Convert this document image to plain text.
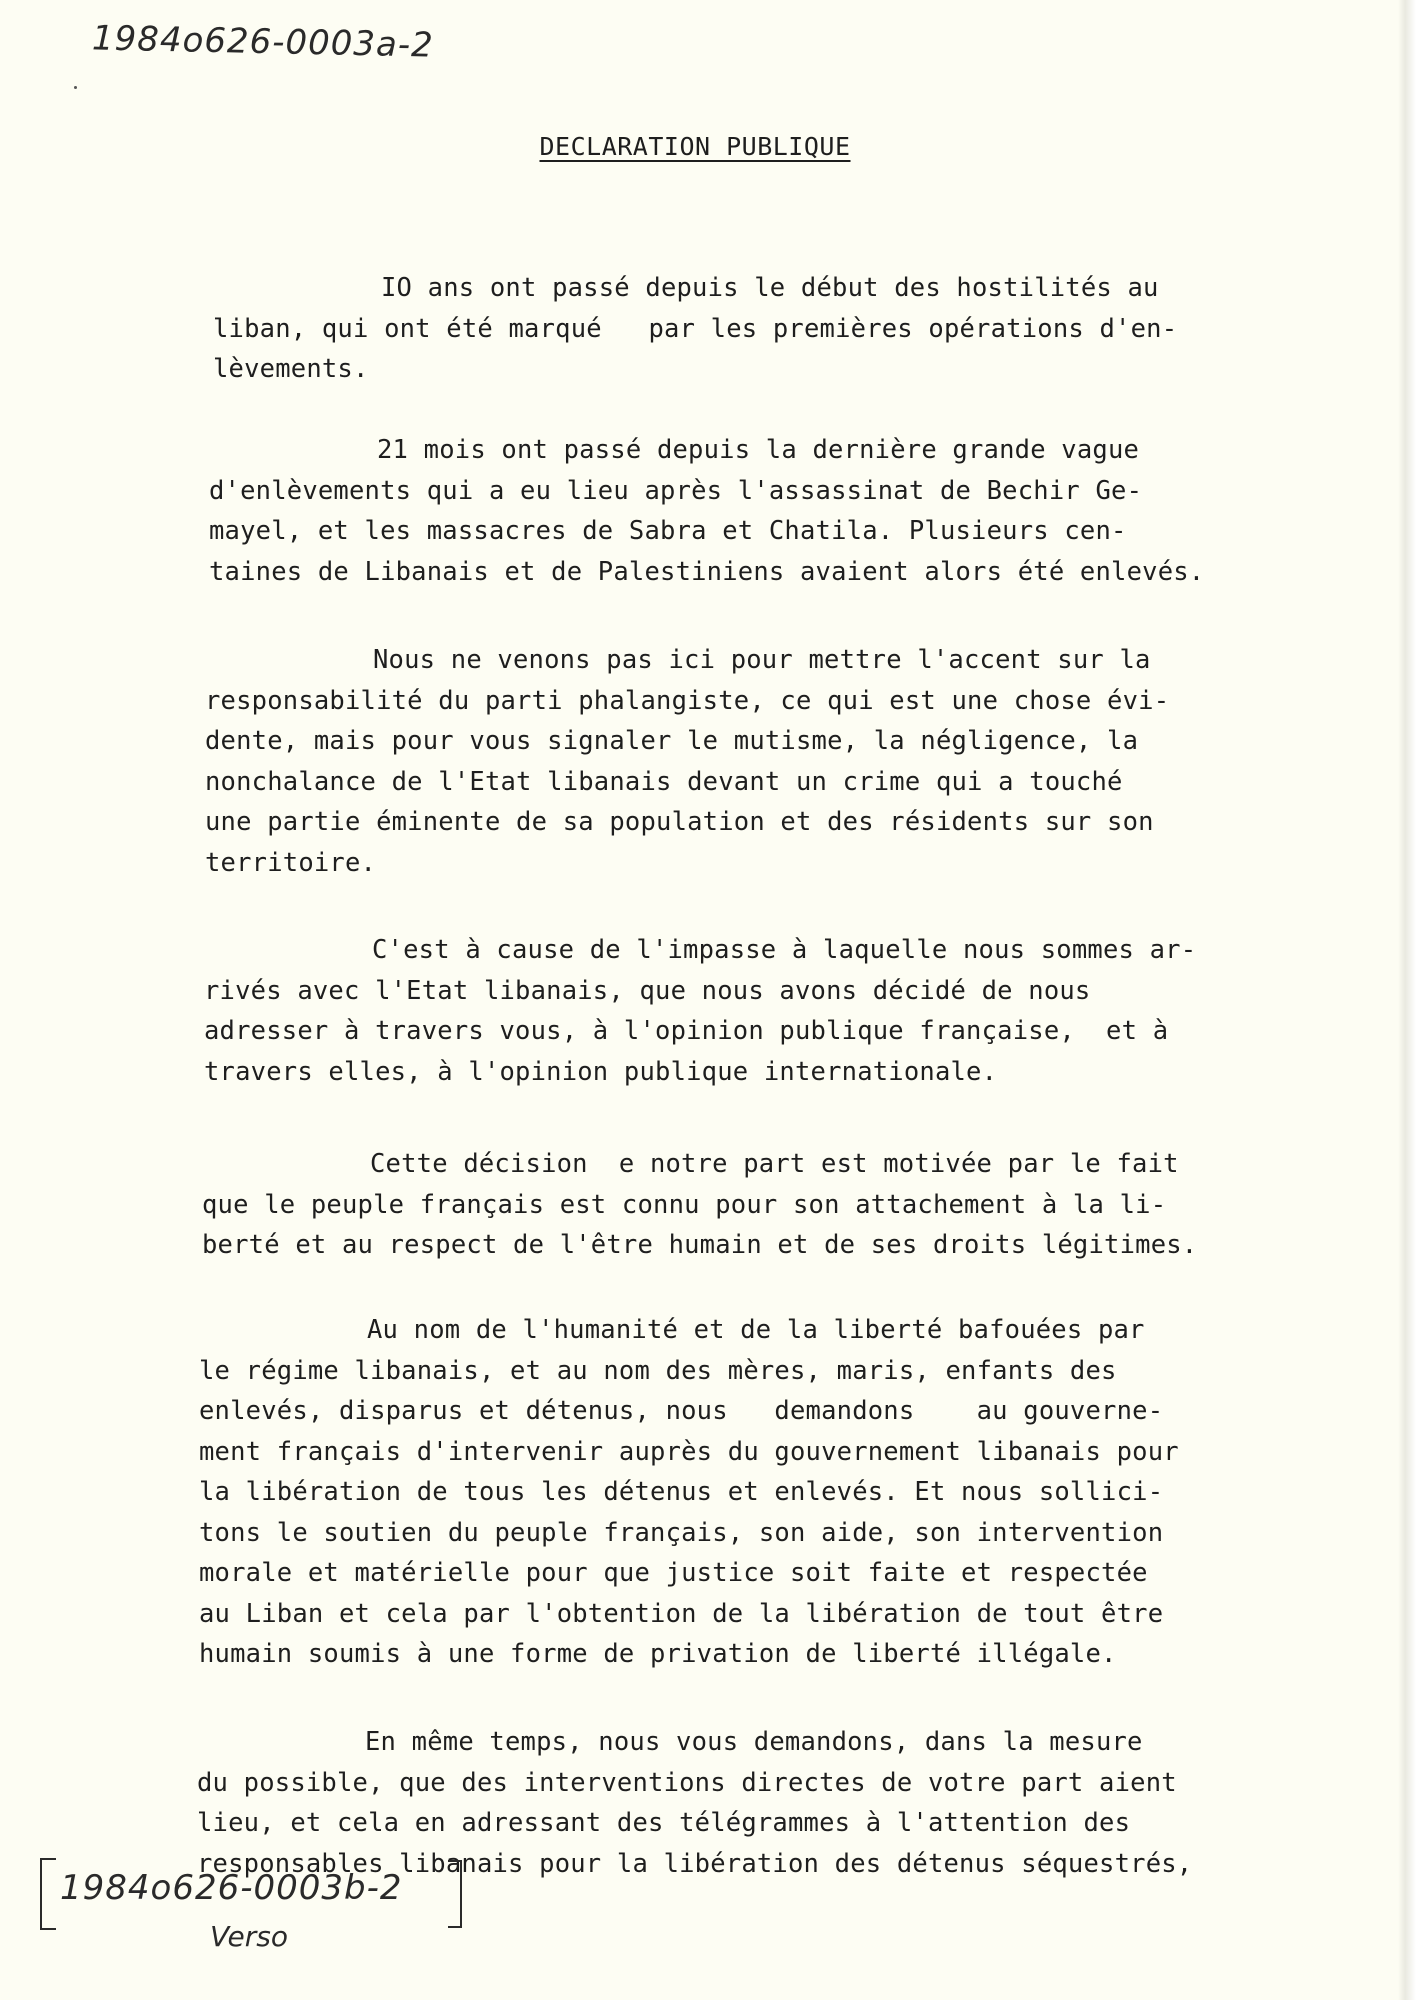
1984o626-0003a-2
DECLARATION PUBLIQUE
IO ans ont passé depuis le début des hostilités au
liban, qui ont été marqué   par les premières opérations d'en-
lèvements.
21 mois ont passé depuis la dernière grande vague
d'enlèvements qui a eu lieu après l'assassinat de Bechir Ge-
mayel, et les massacres de Sabra et Chatila. Plusieurs cen-
taines de Libanais et de Palestiniens avaient alors été enlevés.
Nous ne venons pas ici pour mettre l'accent sur la
responsabilité du parti phalangiste, ce qui est une chose évi-
dente, mais pour vous signaler le mutisme, la négligence, la
nonchalance de l'Etat libanais devant un crime qui a touché
une partie éminente de sa population et des résidents sur son
territoire.
C'est à cause de l'impasse à laquelle nous sommes ar-
rivés avec l'Etat libanais, que nous avons décidé de nous
adresser à travers vous, à l'opinion publique française,  et à
travers elles, à l'opinion publique internationale.
Cette décision  e notre part est motivée par le fait
que le peuple français est connu pour son attachement à la li-
berté et au respect de l'être humain et de ses droits légitimes.
Au nom de l'humanité et de la liberté bafouées par
le régime libanais, et au nom des mères, maris, enfants des
enlevés, disparus et détenus, nous   demandons    au gouverne-
ment français d'intervenir auprès du gouvernement libanais pour
la libération de tous les détenus et enlevés. Et nous sollici-
tons le soutien du peuple français, son aide, son intervention
morale et matérielle pour que justice soit faite et respectée
au Liban et cela par l'obtention de la libération de tout être
humain soumis à une forme de privation de liberté illégale.
En même temps, nous vous demandons, dans la mesure
du possible, que des interventions directes de votre part aient
lieu, et cela en adressant des télégrammes à l'attention des
responsables libanais pour la libération des détenus séquestrés,
1984o626-0003b-2
Verso
